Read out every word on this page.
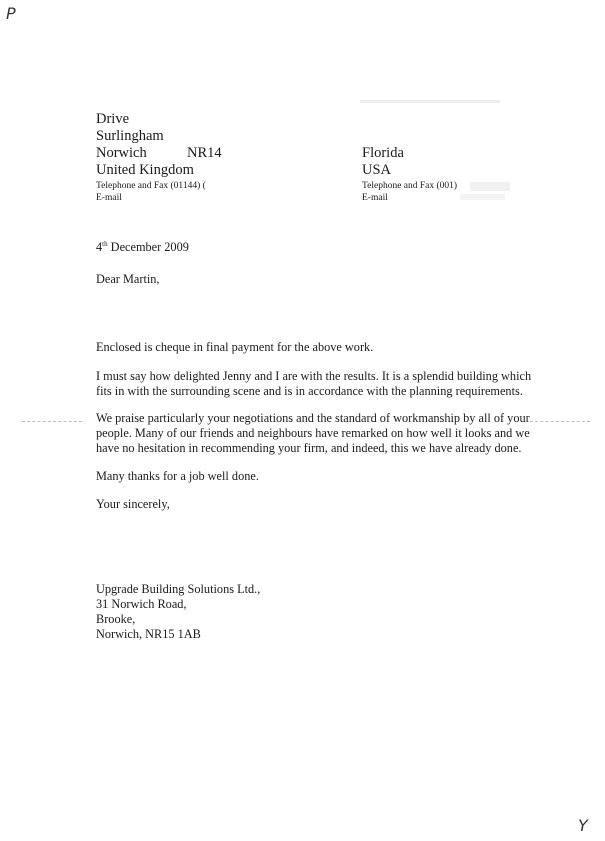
P
Y
Drive
Surlingham
Norwich	NR14
United Kingdom
Telephone and Fax (01144) (
E-mail
Florida
USA
Telephone and Fax (001)
E-mail
4th December 2009
Dear Martin,
Enclosed is cheque in final payment for the above work.
I must say how delighted Jenny and I are with the results. It is a splendid building which
fits in with the surrounding scene and is in accordance with the planning requirements.
We praise particularly your negotiations and the standard of workmanship by all of your
people. Many of our friends and neighbours have remarked on how well it looks and we
have no hesitation in recommending your firm, and indeed, this we have already done.
Many thanks for a job well done.
Your sincerely,
Upgrade Building Solutions Ltd.,
31 Norwich Road,
Brooke,
Norwich, NR15 1AB
